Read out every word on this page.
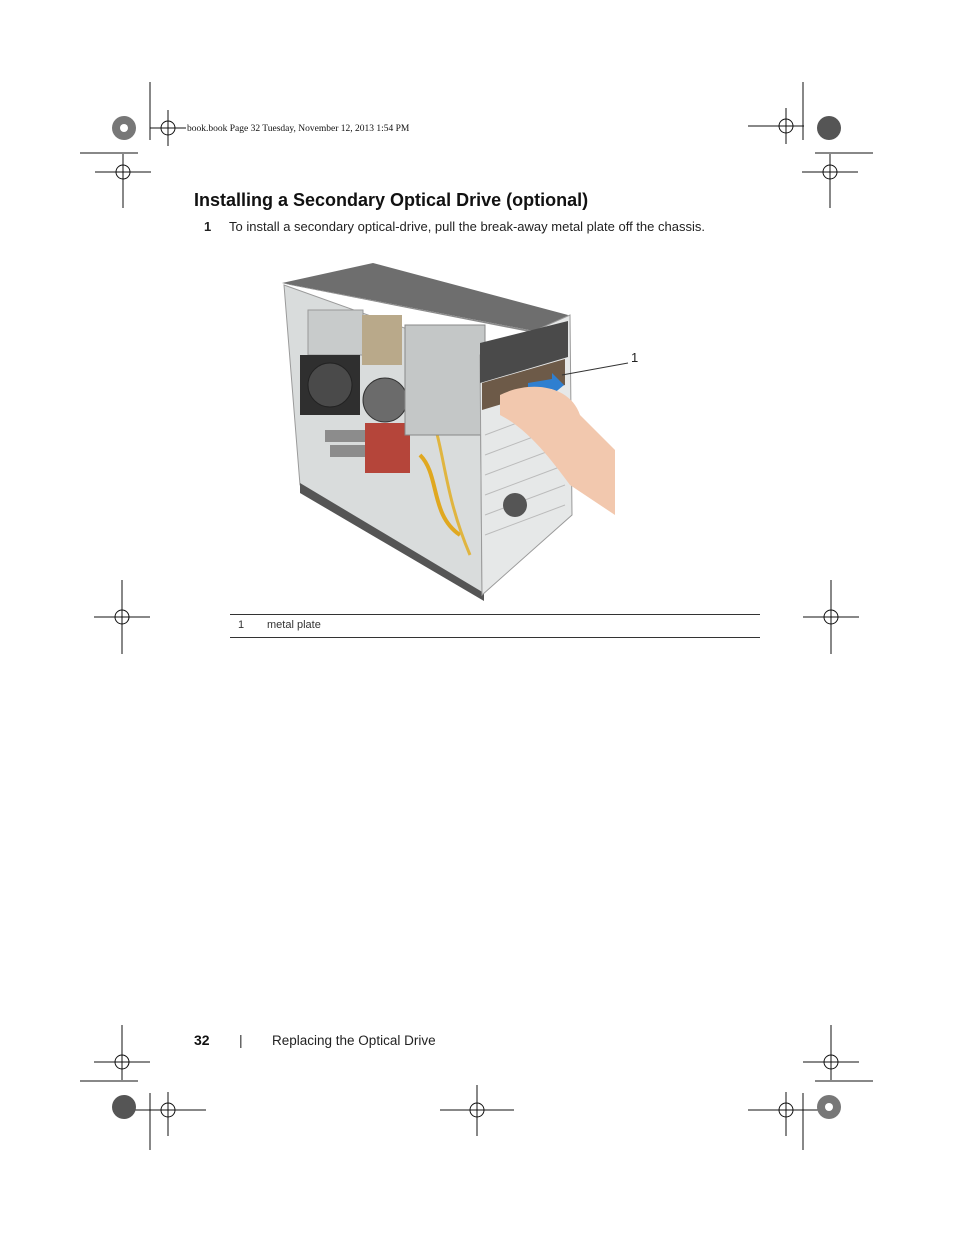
book.book Page 32 Tuesday, November 12, 2013 1:54 PM
Installing a Secondary Optical Drive (optional)
1 To install a secondary optical-drive, pull the break-away metal plate off the chassis.
1
1 metal plate
32 | Replacing the Optical Drive
